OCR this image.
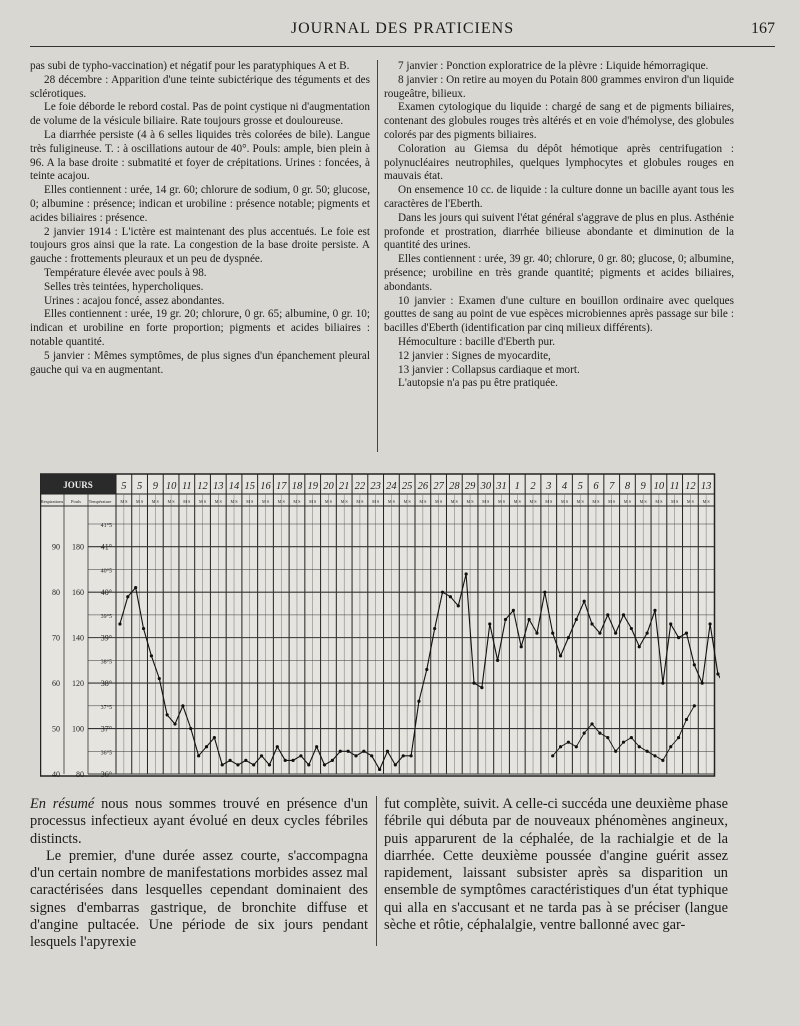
JOURNAL DES PRATICIENS	167

pas subi de typho-vaccination) et négatif pour les paratyphiques A et B.

28 décembre : Apparition d'une teinte subictérique des téguments et des sclérotiques.

Le foie déborde le rebord costal. Pas de point cystique ni d'augmentation de volume de la vésicule biliaire. Rate toujours grosse et douloureuse.

La diarrhée persiste (4 à 6 selles liquides très colorées de bile). Langue très fuligineuse. T. : à oscillations autour de 40°. Pouls: ample, bien plein à 96. A la base droite : submatité et foyer de crépitations. Urines : foncées, à teinte acajou.

Elles contiennent : urée, 14 gr. 60; chlorure de sodium, 0 gr. 50; glucose, 0; albumine : présence; indican et urobiline : présence notable; pigments et acides biliaires : présence.

2 janvier 1914 : L'ictère est maintenant des plus accentués. Le foie est toujours gros ainsi que la rate. La congestion de la base droite persiste. A gauche : frottements pleuraux et un peu de dyspnée.

Température élevée avec pouls à 98.

Selles très teintées, hypercholiques.

Urines : acajou foncé, assez abondantes.

Elles contiennent : urée, 19 gr. 20; chlorure, 0 gr. 65; albumine, 0 gr. 10; indican et urobiline en forte proportion; pigments et acides biliaires : notable quantité.

5 janvier : Mêmes symptômes, de plus signes d'un épanchement pleural gauche qui va en augmentant.

7 janvier : Ponction exploratrice de la plèvre : Liquide hémorragique.

8 janvier : On retire au moyen du Potain 800 grammes environ d'un liquide rougeâtre, bilieux.

Examen cytologique du liquide : chargé de sang et de pigments biliaires, contenant des globules rouges très altérés et en voie d'hémolyse, des globules colorés par des pigments biliaires.

Coloration au Giemsa du dépôt hémotique après centrifugation : polynucléaires neutrophiles, quelques lymphocytes et globules rouges en mauvais état.

On ensemence 10 cc. de liquide : la culture donne un bacille ayant tous les caractères de l'Eberth.

Dans les jours qui suivent l'état général s'aggrave de plus en plus. Asthénie profonde et prostration, diarrhée bilieuse abondante et diminution de la quantité des urines.

Elles contiennent : urée, 39 gr. 40; chlorure, 0 gr. 80; glucose, 0; albumine, présence; urobiline en très grande quantité; pigments et acides biliaires, abondants.

10 janvier : Examen d'une culture en bouillon ordinaire avec quelques gouttes de sang au point de vue espèces microbiennes après passage sur bile : bacilles d'Eberth (identification par cinq milieux différents).

Hémoculture : bacille d'Eberth pur.

12 janvier : Signes de myocardite,

13 janvier : Collapsus cardiaque et mort.

L'autopsie n'a pas pu être pratiquée.

JOURS
Respirations Pouls Température
5
M S
5
M S
9
M S
10
M S
11
M S
12
M S
13
M S
14
M S
15
M S
16
M S
17
M S
18
M S
19
M S
20
M S
21
M S
22
M S
23
M S
24
M S
25
M S
26
M S
27
M S
28
M S
29
M S
30
M S
31
M S
1
M S
2
M S
3
M S
4
M S
5
M S
6
M S
7
M S
8
M S
9
M S
10
M S
11
M S
12
M S
13
M S
41°5
41°
40°5
40°
39°5
39°
38°5
38°
37°5
37°
36°5
36°
180
90
160
80
140
70
120
60
100
50
80
40

En résumé nous nous sommes trouvé en présence d'un processus infectieux ayant évolué en deux cycles fébriles distincts.

Le premier, d'une durée assez courte, s'accompagna d'un certain nombre de manifestations morbides assez mal caractérisées dans lesquelles cependant dominaient des signes d'embarras gastrique, de bronchite diffuse et d'angine pultacée. Une période de six jours pendant lesquels l'apyrexie

fut complète, suivit. A celle-ci succéda une deuxième phase fébrile qui débuta par de nouveaux phénomènes angineux, puis apparurent de la céphalée, de la rachialgie et de la diarrhée. Cette deuxième poussée d'angine guérit assez rapidement, laissant subsister après sa disparition un ensemble de symptômes caractéristiques d'un état typhique qui alla en s'accusant et ne tarda pas à se préciser (langue sèche et rôtie, céphalalgie, ventre ballonné avec gar-
